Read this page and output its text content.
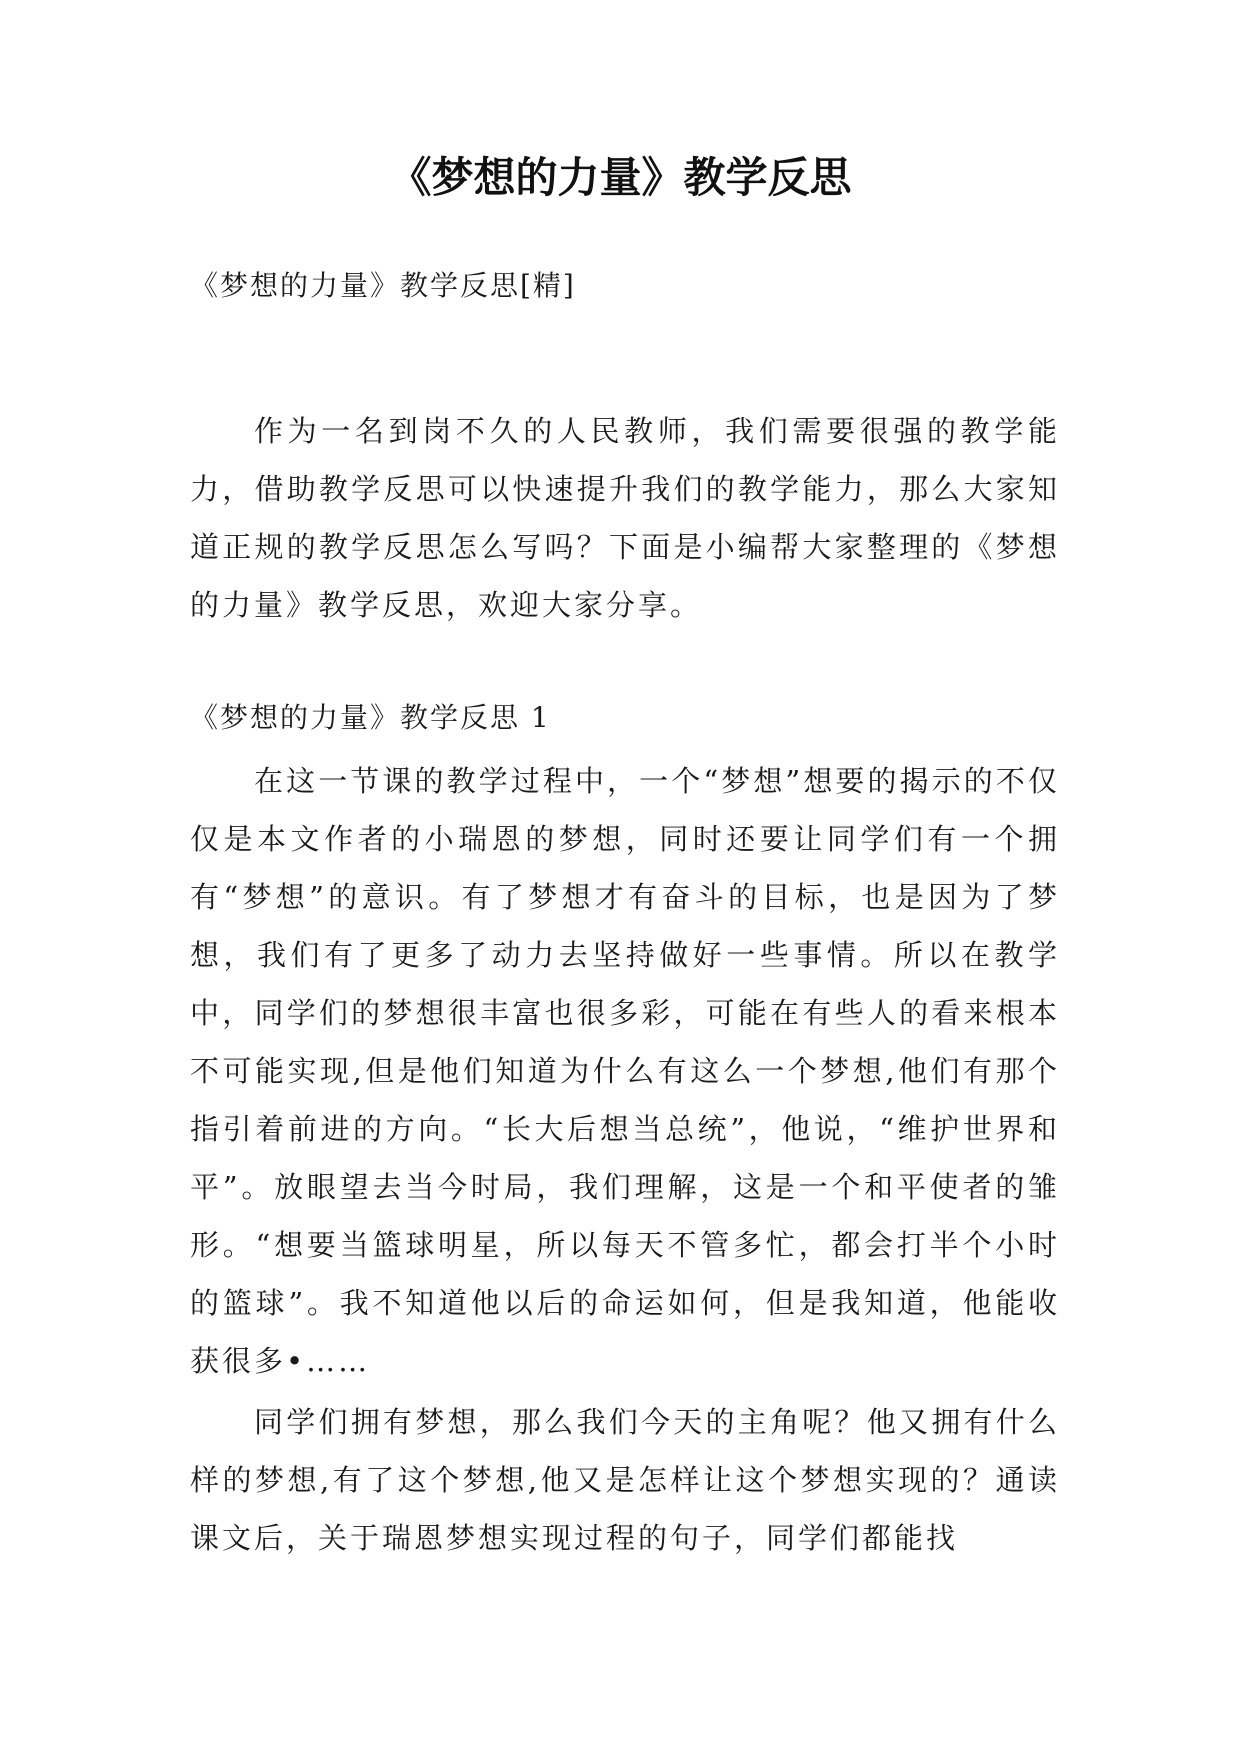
《梦想的力量》教学反思

《梦想的力量》教学反思[精]

作为一名到岗不久的人民教师，我们需要很强的教学能力，借助教学反思可以快速提升我们的教学能力，那么大家知道正规的教学反思怎么写吗？下面是小编帮大家整理的《梦想的力量》教学反思，欢迎大家分享。

《梦想的力量》教学反思 1

在这一节课的教学过程中，一个“梦想”想要的揭示的不仅仅是本文作者的小瑞恩的梦想，同时还要让同学们有一个拥有“梦想”的意识。有了梦想才有奋斗的目标，也是因为了梦想，我们有了更多了动力去坚持做好一些事情。所以在教学中，同学们的梦想很丰富也很多彩，可能在有些人的看来根本不可能实现,但是他们知道为什么有这么一个梦想,他们有那个指引着前进的方向。“长大后想当总统”，他说，“维护世界和平”。放眼望去当今时局，我们理解，这是一个和平使者的雏形。“想要当篮球明星，所以每天不管多忙，都会打半个小时的篮球”。我不知道他以后的命运如何，但是我知道，他能收获很多•……

同学们拥有梦想，那么我们今天的主角呢？他又拥有什么样的梦想,有了这个梦想,他又是怎样让这个梦想实现的？通读课文后，关于瑞恩梦想实现过程的句子，同学们都能找
